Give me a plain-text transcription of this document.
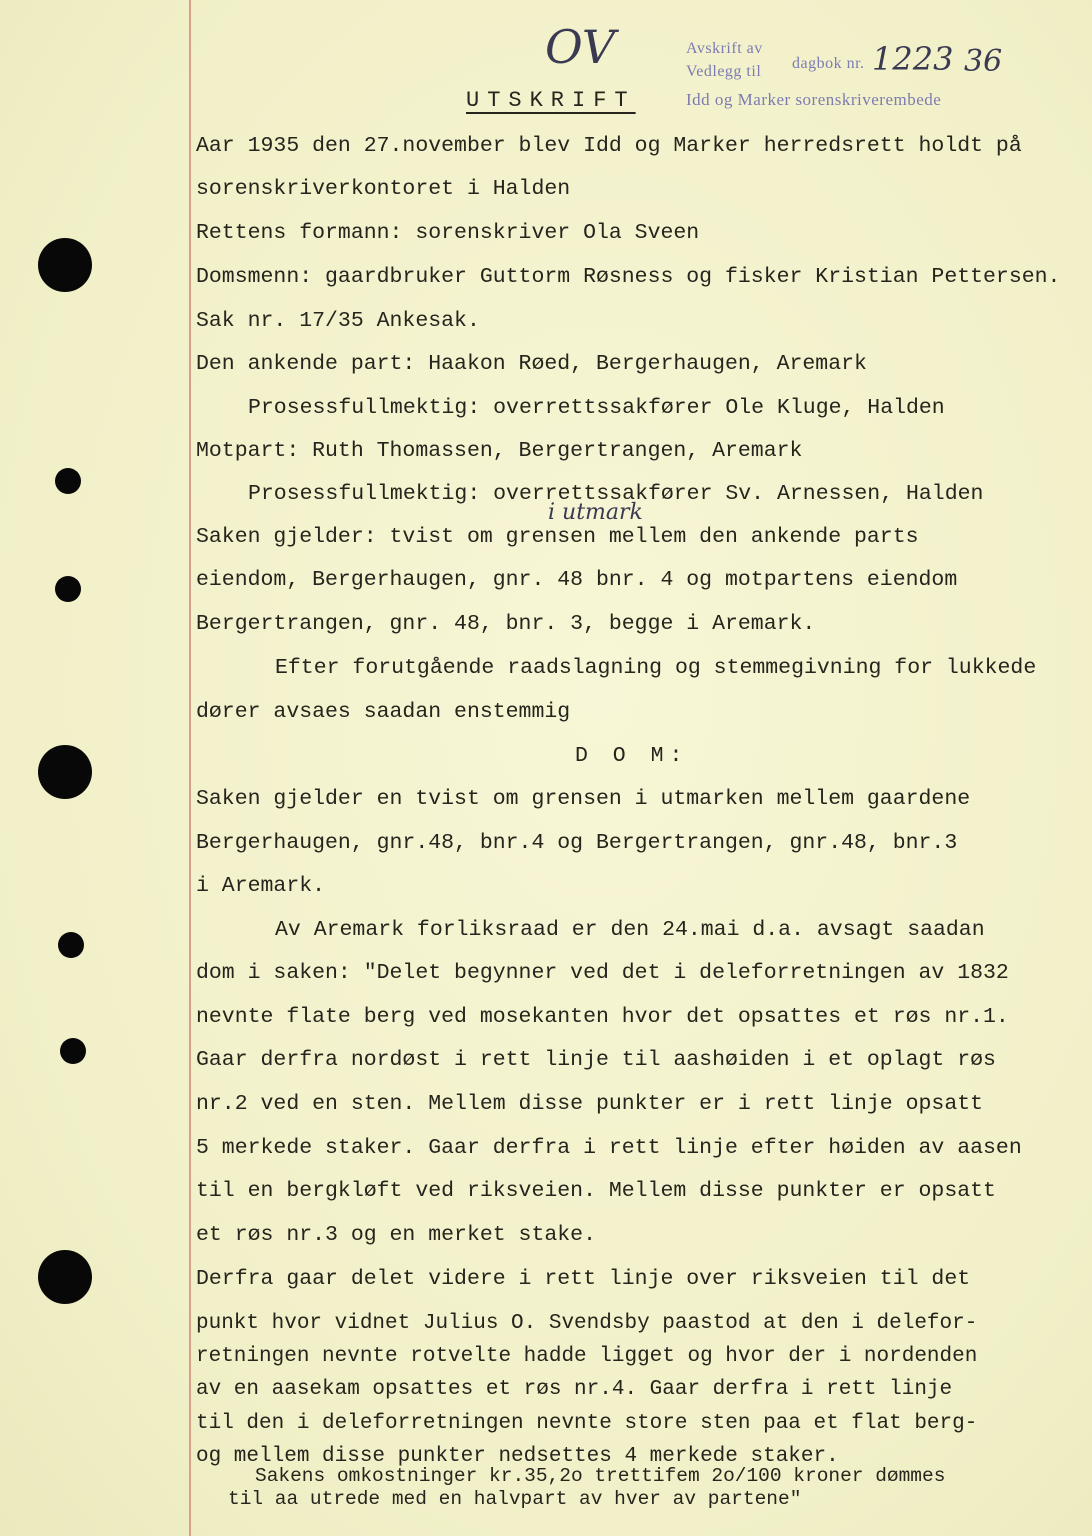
Avskrift av
Vedlegg til dagbok nr.
Idd og Marker sorenskriverembede
OV	1223 36
i utmark
UTSKRIFT
Aar 1935 den 27.november blev Idd og Marker herredsrett holdt på
sorenskriverkontoret i Halden
Rettens formann: sorenskriver Ola Sveen
Domsmenn: gaardbruker Guttorm Røsness og fisker Kristian Pettersen.
Sak nr. 17/35 Ankesak.
Den ankende part: Haakon Røed, Bergerhaugen, Aremark
Prosessfullmektig: overrettssakfører Ole Kluge, Halden
Motpart: Ruth Thomassen, Bergertrangen, Aremark
Prosessfullmektig: overrettssakfører Sv. Arnessen, Halden
Saken gjelder: tvist om grensen mellem den ankende parts
eiendom, Bergerhaugen, gnr. 48 bnr. 4 og motpartens eiendom
Bergertrangen, gnr. 48, bnr. 3, begge i Aremark.
Efter forutgående raadslagning og stemmegivning for lukkede
dører avsaes saadan enstemmig
D O M:
Saken gjelder en tvist om grensen i utmarken mellem gaardene
Bergerhaugen, gnr.48, bnr.4 og Bergertrangen, gnr.48, bnr.3
i Aremark.
Av Aremark forliksraad er den 24.mai d.a. avsagt saadan
dom i saken: "Delet begynner ved det i deleforretningen av 1832
nevnte flate berg ved mosekanten hvor det opsattes et røs nr.1.
Gaar derfra nordøst i rett linje til aashøiden i et oplagt røs
nr.2 ved en sten. Mellem disse punkter er i rett linje opsatt
5 merkede staker. Gaar derfra i rett linje efter høiden av aasen
til en bergkløft ved riksveien. Mellem disse punkter er opsatt
et røs nr.3 og en merket stake.
Derfra gaar delet videre i rett linje over riksveien til det
punkt hvor vidnet Julius O. Svendsby paastod at den i delefor-
retningen nevnte rotvelte hadde ligget og hvor der i nordenden
av en aasekam opsattes et røs nr.4. Gaar derfra i rett linje
til den i deleforretningen nevnte store sten paa et flat berg-
og mellem disse punkter nedsettes 4 merkede staker.
Sakens omkostninger kr.35,2o trettifem 2o/100 kroner dømmes
til aa utrede med en halvpart av hver av partene"
